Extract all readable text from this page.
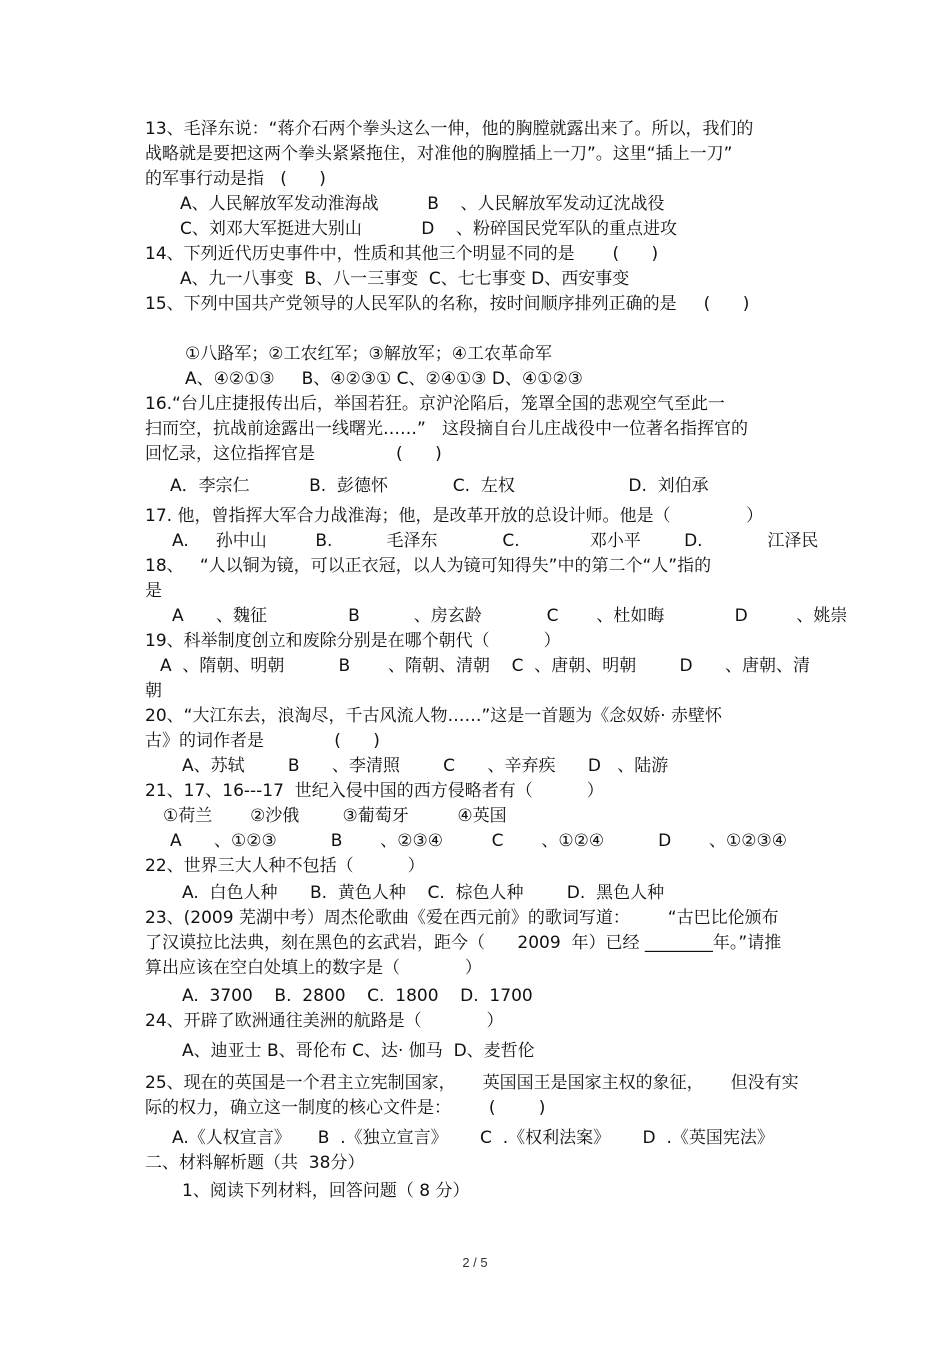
13、毛泽东说：“蒋介石两个拳头这么一伸，他的胸膛就露出来了。所以，我们的
战略就是要把这两个拳头紧紧拖住，对准他的胸膛插上一刀”。这里“插上一刀”
的军事行动是指   (      )
A、人民解放军发动淮海战         B    、人民解放军发动辽沈战役
C、刘邓大军挺进大别山           D    、粉碎国民党军队的重点进攻
14、下列近代历史事件中，性质和其他三个明显不同的是       (      )
A、九一八事变  B、八一三事变  C、七七事变 D、西安事变
15、下列中国共产党领导的人民军队的名称，按时间顺序排列正确的是     (      )
①八路军；②工农红军；③解放军；④工农革命军
A、④②①③     B、④②③① C、②④①③ D、④①②③
16.“台儿庄捷报传出后，举国若狂。京沪沦陷后，笼罩全国的悲观空气至此一
扫而空，抗战前途露出一线曙光……”   这段摘自台儿庄战役中一位著名指挥官的
回忆录，这位指挥官是               (      )
A．李宗仁           B.  彭德怀            C.  左权                     D.  刘伯承
17. 他，曾指挥大军合力战淮海；他，是改革开放的总设计师。他是（              ）
A.     孙中山         B.          毛泽东            C.             邓小平        D.            江泽民
18、   “人以铜为镜，可以正衣冠，以人为镜可知得失”中的第二个“人”指的
是
A      、魏征               B          、房玄龄            C       、杜如晦             D         、姚崇
19、科举制度创立和废除分别是在哪个朝代（          ）
A  、隋朝、明朝          B       、隋朝、清朝    C  、唐朝、明朝        D      、唐朝、清
朝
20、“大江东去，浪淘尽，千古风流人物……”这是一首题为《念奴娇· 赤壁怀
古》的词作者是             (      )
A、苏轼        B      、李清照        C      、辛弃疾      D   、陆游
21、17、16---17  世纪入侵中国的西方侵略者有（          ）
①荷兰       ②沙俄        ③葡萄牙         ④英国
A      、①②③          B       、②③④         C       、①②④          D       、①②③④
22、世界三大人种不包括（          ）
A.  白色人种      B.  黄色人种    C.  棕色人种        D.  黑色人种
23、(2009 芜湖中考）周杰伦歌曲《爱在西元前》的歌词写道：       “古巴比伦颁布
了汉谟拉比法典，刻在黑色的玄武岩，距今（      2009  年）已经 ________年。”请推
算出应该在空白处填上的数字是（            ）
A.  3700    B.  2800    C.  1800    D.  1700
24、开辟了欧洲通往美洲的航路是（            ）
A、迪亚士 B、哥伦布 C、达· 伽马  D、麦哲伦
25、现在的英国是一个君主立宪制国家，     英国国王是国家主权的象征，     但没有实
际的权力，确立这一制度的核心文件是：       (        )
A.《人权宣言》     B  .《独立宣言》      C  .《权利法案》      D  .《英国宪法》
二、材料解析题（共  38分）
1、阅读下列材料，回答问题（ 8 分）
2 / 5
